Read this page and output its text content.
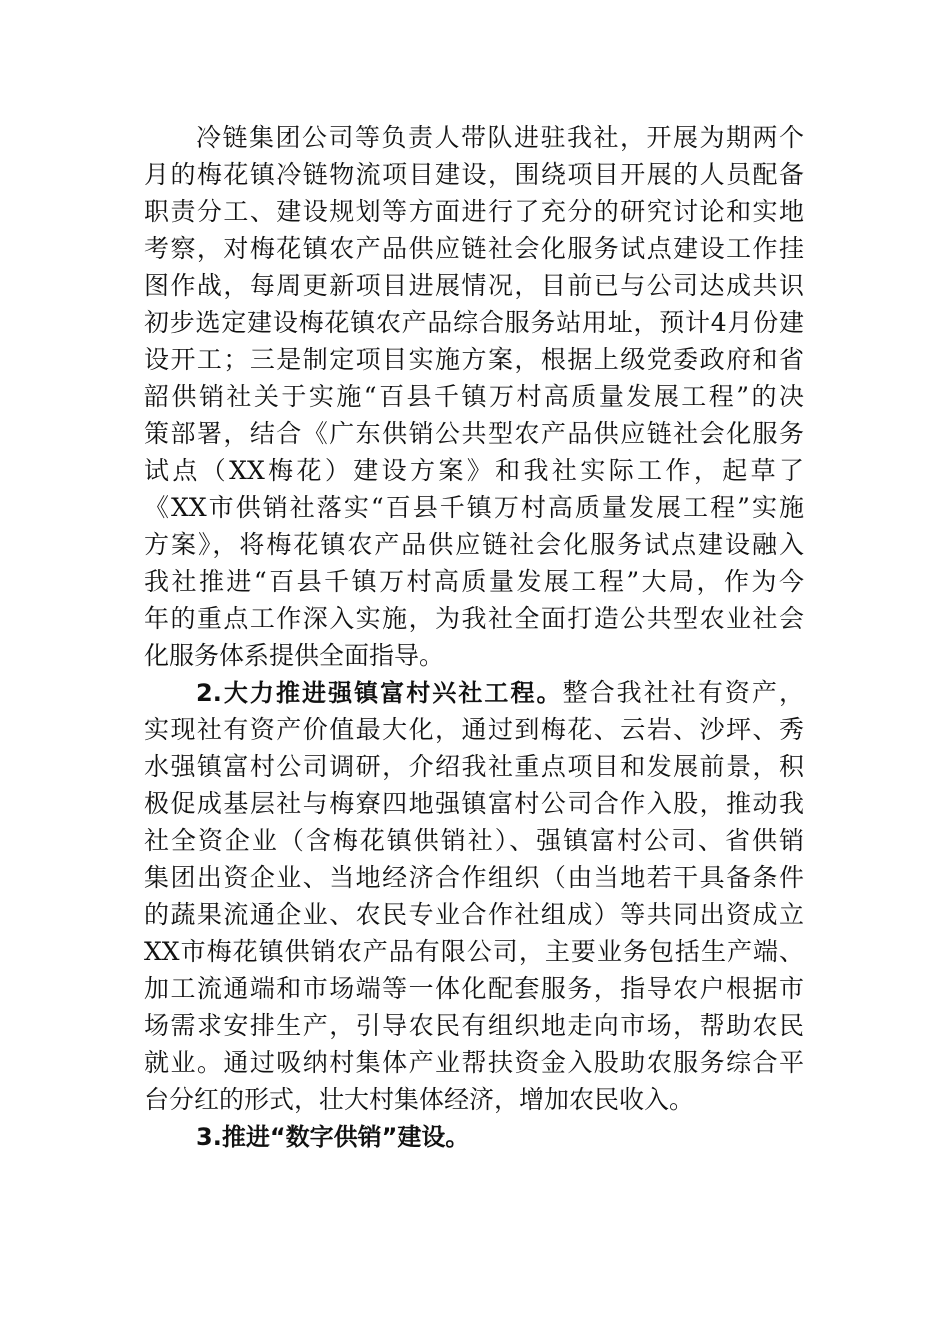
冷链集团公司等负责人带队进驻我社，开展为期两个
月的梅花镇冷链物流项目建设，围绕项目开展的人员配备
职责分工、建设规划等方面进行了充分的研究讨论和实地
考察，对梅花镇农产品供应链社会化服务试点建设工作挂
图作战，每周更新项目进展情况，目前已与公司达成共识
初步选定建设梅花镇农产品综合服务站用址，预计4月份建
设开工；三是制定项目实施方案，根据上级党委政府和省
韶供销社关于实施“百县千镇万村高质量发展工程”的决
策部署，结合《广东供销公共型农产品供应链社会化服务
试点（XX梅花）建设方案》和我社实际工作，起草了
《XX市供销社落实“百县千镇万村高质量发展工程”实施
方案》，将梅花镇农产品供应链社会化服务试点建设融入
我社推进“百县千镇万村高质量发展工程”大局，作为今
年的重点工作深入实施，为我社全面打造公共型农业社会
化服务体系提供全面指导。
2.大力推进强镇富村兴社工程。整合我社社有资产，
实现社有资产价值最大化，通过到梅花、云岩、沙坪、秀
水强镇富村公司调研，介绍我社重点项目和发展前景，积
极促成基层社与梅寮四地强镇富村公司合作入股，推动我
社全资企业（含梅花镇供销社）、强镇富村公司、省供销
集团出资企业、当地经济合作组织（由当地若干具备条件
的蔬果流通企业、农民专业合作社组成）等共同出资成立
XX市梅花镇供销农产品有限公司，主要业务包括生产端、
加工流通端和市场端等一体化配套服务，指导农户根据市
场需求安排生产，引导农民有组织地走向市场，帮助农民
就业。通过吸纳村集体产业帮扶资金入股助农服务综合平
台分红的形式，壮大村集体经济，增加农民收入。
3.推进“数字供销”建设。
